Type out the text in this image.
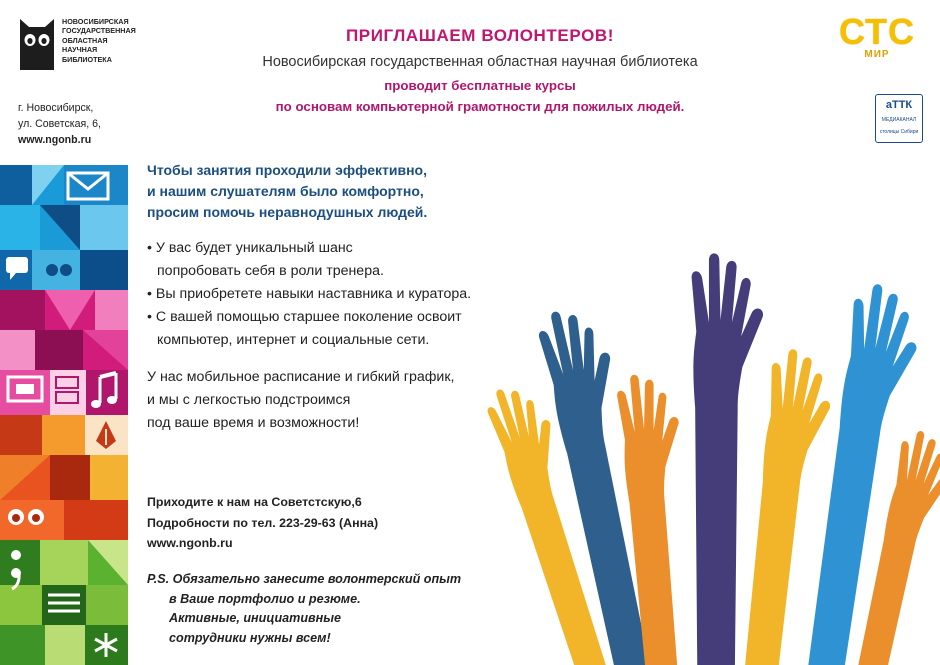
НОВОСИБИРСКАЯ
ГОСУДАРСТВЕННАЯ
ОБЛАСТНАЯ
НАУЧНАЯ
БИБЛИОТЕКА
г. Новосибирск,
ул. Советская, 6,
www.ngonb.ru
ПРИГЛАШАЕМ ВОЛОНТЕРОВ!
Новосибирская государственная областная научная библиотека
проводит бесплатные курсы
по основам компьютерной грамотности для пожилых людей.
СТС
МИР
аТТК
МЕДИАКАНАЛ
столицы Сибири
Чтобы занятия проходили эффективно,
и нашим слушателям было комфортно,
просим помочь неравнодушных людей.
• У вас будет уникальный шанс
попробовать себя в роли тренера.
• Вы приобретете навыки наставника и куратора.
• С вашей помощью старшее поколение освоит
компьютер, интернет и социальные сети.
У нас мобильное расписание и гибкий график,
и мы с легкостью подстроимся
под ваше время и возможности!
Приходите к нам на Советстскую,6
Подробности по тел. 223-29-63 (Анна)
www.ngonb.ru
P.S. Обязательно занесите волонтерский опыт
в Ваше портфолио и резюме.
Активные, инициативные
сотрудники нужны всем!
